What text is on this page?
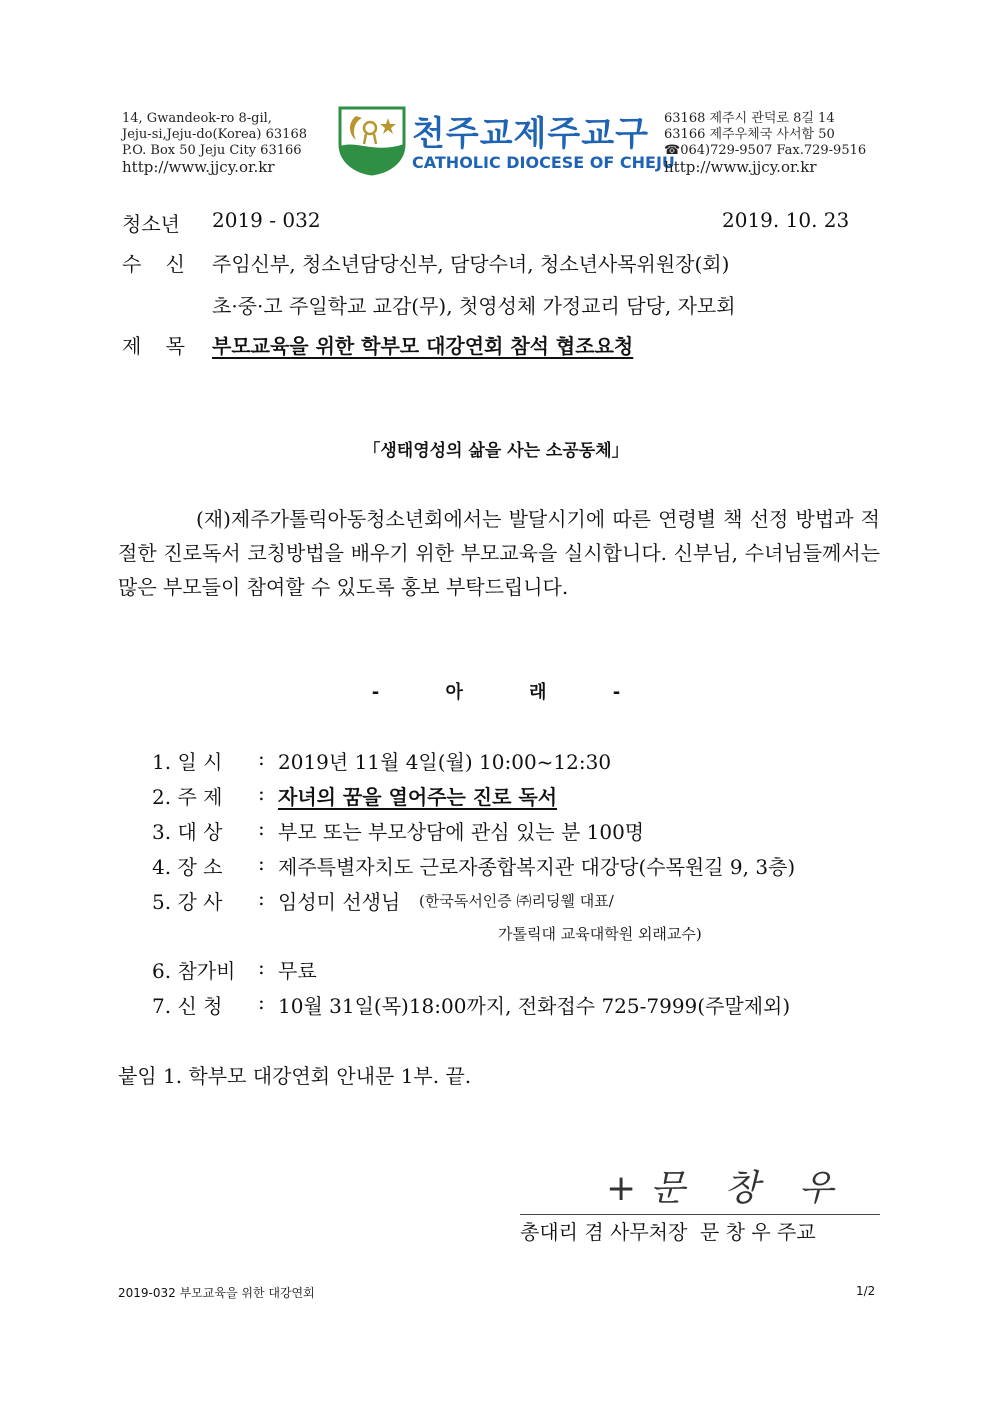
14, Gwandeok-ro 8-gil,
Jeju-si,Jeju-do(Korea) 63168
P.O. Box 50 Jeju City 63166
http://www.jjcy.or.kr
천주교제주교구
CATHOLIC DIOCESE OF CHEJU
63168 제주시 관덕로 8길 14
63166 제주우체국 사서함 50
☎064)729-9507 Fax.729-9516
http://www.jjcy.or.kr
청소년 2019 - 032	2019. 10. 23
수 신 주임신부, 청소년담당신부, 담당수녀, 청소년사목위원장(회)
초·중·고 주일학교 교감(무), 첫영성체 가정교리 담당, 자모회
제 목 부모교육을 위한 학부모 대강연회 참석 협조요청
「생태영성의 삶을 사는 소공동체」
(재)제주가톨릭아동청소년회에서는 발달시기에 따른 연령별 책 선정 방법과 적절한 진로독서 코칭방법을 배우기 위한 부모교육을 실시합니다. 신부님, 수녀님들께서는 많은 부모들이 참여할 수 있도록 홍보 부탁드립니다.
- 아 래 -
1. 일 시	: 2019년 11월 4일(월) 10:00~12:30
2. 주 제 : 자녀의 꿈을 열어주는 진로 독서
3. 대 상 : 부모 또는 부모상담에 관심 있는 분 100명
4. 장 소 : 제주특별자치도 근로자종합복지관 대강당(수목원길 9, 3층)
5. 강 사 : 임성미 선생님 (한국독서인증 ㈜리딩웰 대표/
가톨릭대 교육대학원 외래교수)
6. 참가비 : 무료
7. 신 청 : 10월 31일(목)18:00까지, 전화접수 725-7999(주말제외)
붙임 1. 학부모 대강연회 안내문 1부. 끝.
+문 창 우
총대리 겸 사무처장  문 창 우 주교
2019-032 부모교육을 위한 대강연회	1/2
